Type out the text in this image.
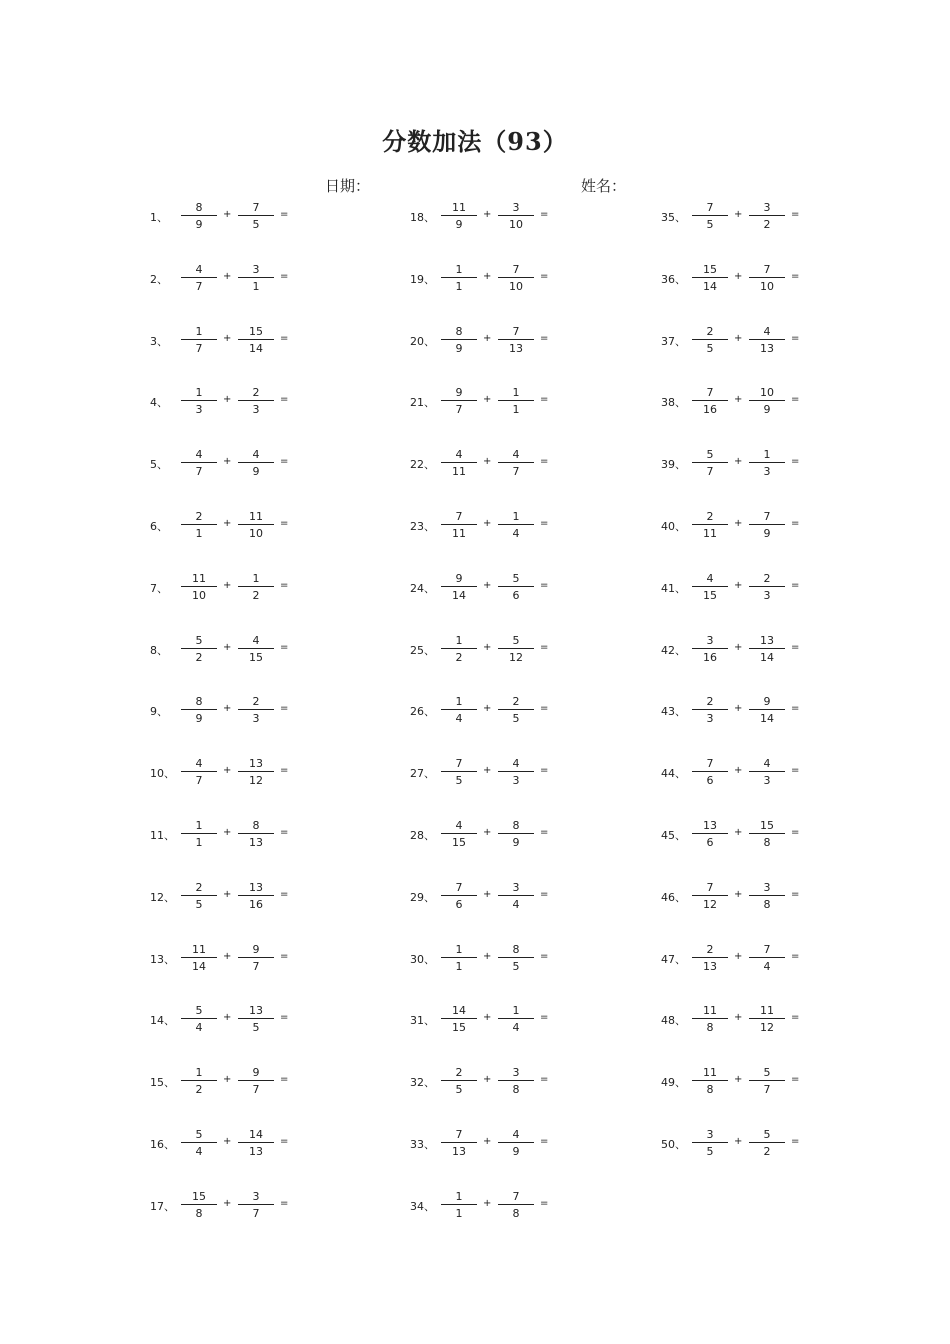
分数加法（93）
日期：	姓名：
1、	$\frac{8}{9} + \frac{7}{5}$ =
2、	$\frac{4}{7} + \frac{3}{1}$ =
3、	$\frac{1}{7} + \frac{15}{14}$ =
4、	$\frac{1}{3} + \frac{2}{3}$ =
5、	$\frac{4}{7} + \frac{4}{9}$ =
6、	$\frac{2}{1} + \frac{11}{10}$ =
7、	$\frac{11}{10} + \frac{1}{2}$ =
8、	$\frac{5}{2} + \frac{4}{15}$ =
9、	$\frac{8}{9} + \frac{2}{3}$ =
10、 $\frac{4}{7} + \frac{13}{12}$ =
11、 $\frac{1}{1} + \frac{8}{13}$ =
12、 $\frac{2}{5} + \frac{13}{16}$ =
13、 $\frac{11}{14} + \frac{9}{7}$ =
14、 $\frac{5}{4} + \frac{13}{5}$ =
15、 $\frac{1}{2} + \frac{9}{7}$ =
16、 $\frac{5}{4} + \frac{14}{13}$ =
17、 $\frac{15}{8} + \frac{3}{7}$ =
18、 $\frac{11}{9} + \frac{3}{10}$ =
19、 $\frac{1}{1} + \frac{7}{10}$ =
20、 $\frac{8}{9} + \frac{7}{13}$ =
21、 $\frac{9}{7} + \frac{1}{1}$ =
22、 $\frac{4}{11} + \frac{4}{7}$ =
23、 $\frac{7}{11} + \frac{1}{4}$ =
24、 $\frac{9}{14} + \frac{5}{6}$ =
25、 $\frac{1}{2} + \frac{5}{12}$ =
26、 $\frac{1}{4} + \frac{2}{5}$ =
27、 $\frac{7}{5} + \frac{4}{3}$ =
28、 $\frac{4}{15} + \frac{8}{9}$ =
29、 $\frac{7}{6} + \frac{3}{4}$ =
30、 $\frac{1}{1} + \frac{8}{5}$ =
31、 $\frac{14}{15} + \frac{1}{4}$ =
32、 $\frac{2}{5} + \frac{3}{8}$ =
33、 $\frac{7}{13} + \frac{4}{9}$ =
34、 $\frac{1}{1} + \frac{7}{8}$ =
35、 $\frac{7}{5} + \frac{3}{2}$ =
36、 $\frac{15}{14} + \frac{7}{10}$ =
37、 $\frac{2}{5} + \frac{4}{13}$ =
38、 $\frac{7}{16} + \frac{10}{9}$ =
39、 $\frac{5}{7} + \frac{1}{3}$ =
40、 $\frac{2}{11} + \frac{7}{9}$ =
41、 $\frac{4}{15} + \frac{2}{3}$ =
42、 $\frac{3}{16} + \frac{13}{14}$ =
43、 $\frac{2}{3} + \frac{9}{14}$ =
44、 $\frac{7}{6} + \frac{4}{3}$ =
45、 $\frac{13}{6} + \frac{15}{8}$ =
46、 $\frac{7}{12} + \frac{3}{8}$ =
47、 $\frac{2}{13} + \frac{7}{4}$ =
48、 $\frac{11}{8} + \frac{11}{12}$ =
49、 $\frac{11}{8} + \frac{5}{7}$ =
50、 $\frac{3}{5} + \frac{5}{2}$ =
